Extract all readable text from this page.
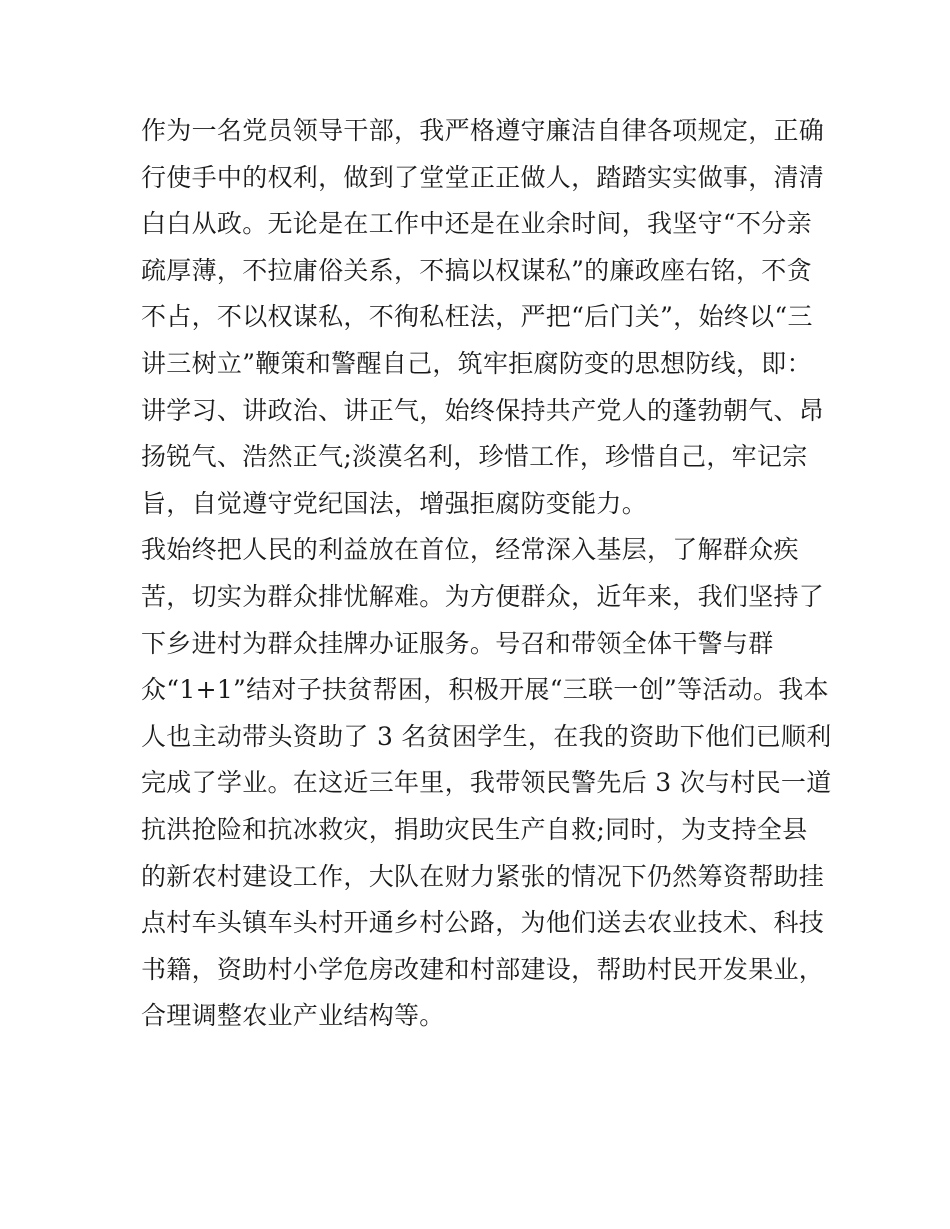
作为一名党员领导干部，我严格遵守廉洁自律各项规定，正确
行使手中的权利，做到了堂堂正正做人，踏踏实实做事，清清
白白从政。无论是在工作中还是在业余时间，我坚守“不分亲
疏厚薄，不拉庸俗关系，不搞以权谋私”的廉政座右铭，不贪
不占，不以权谋私，不徇私枉法，严把“后门关”，始终以“三
讲三树立”鞭策和警醒自己，筑牢拒腐防变的思想防线，即：
讲学习、讲政治、讲正气，始终保持共产党人的蓬勃朝气、昂
扬锐气、浩然正气;淡漠名利，珍惜工作，珍惜自己，牢记宗
旨，自觉遵守党纪国法，增强拒腐防变能力。
我始终把人民的利益放在首位，经常深入基层，了解群众疾
苦，切实为群众排忧解难。为方便群众，近年来，我们坚持了
下乡进村为群众挂牌办证服务。号召和带领全体干警与群
众“1+1”结对子扶贫帮困，积极开展“三联一创”等活动。我本
人也主动带头资助了 3 名贫困学生，在我的资助下他们已顺利
完成了学业。在这近三年里，我带领民警先后 3 次与村民一道
抗洪抢险和抗冰救灾，捐助灾民生产自救;同时，为支持全县
的新农村建设工作，大队在财力紧张的情况下仍然筹资帮助挂
点村车头镇车头村开通乡村公路，为他们送去农业技术、科技
书籍，资助村小学危房改建和村部建设，帮助村民开发果业，
合理调整农业产业结构等。
